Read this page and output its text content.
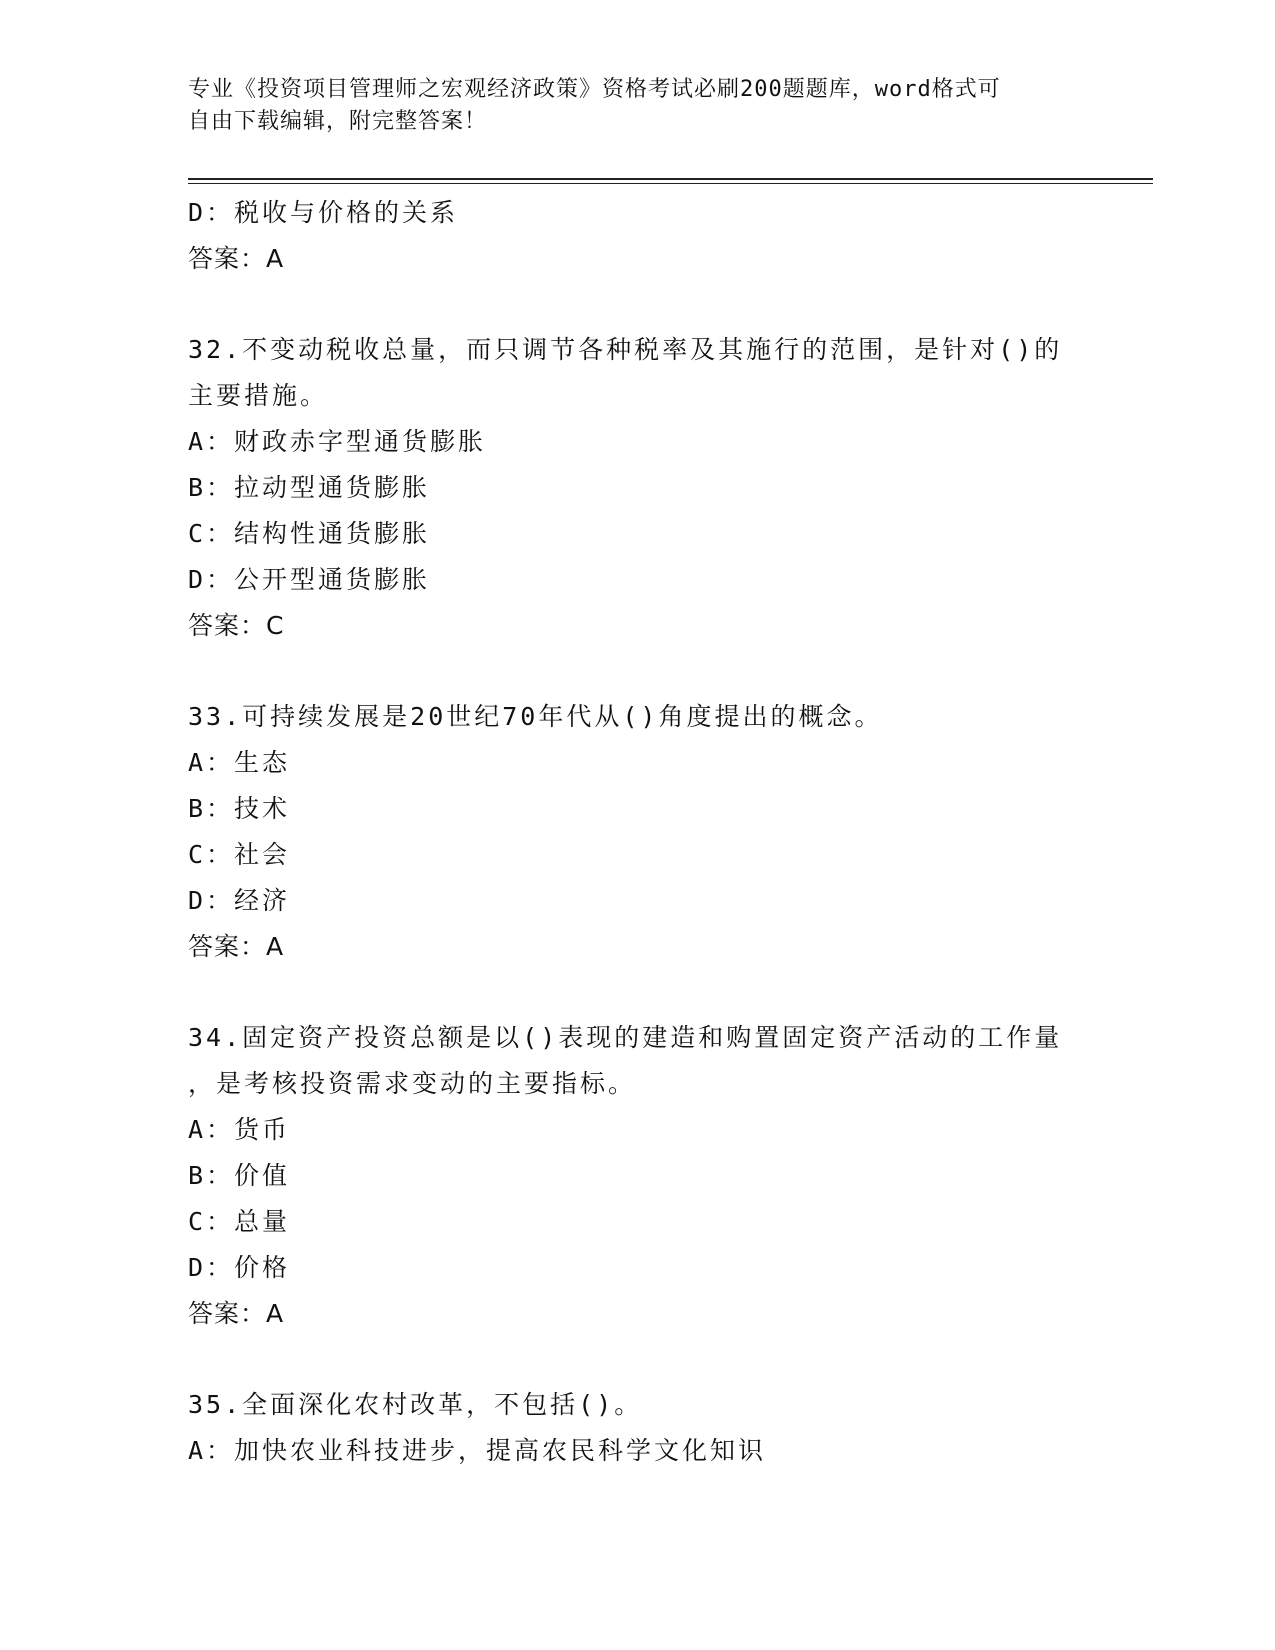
专业《投资项目管理师之宏观经济政策》资格考试必刷200题题库，word格式可
自由下载编辑，附完整答案！
D：税收与价格的关系
答案：A
32.不变动税收总量，而只调节各种税率及其施行的范围，是针对()的
主要措施。
A：财政赤字型通货膨胀
B：拉动型通货膨胀
C：结构性通货膨胀
D：公开型通货膨胀
答案：C
33.可持续发展是20世纪70年代从()角度提出的概念。
A：生态
B：技术
C：社会
D：经济
答案：A
34.固定资产投资总额是以()表现的建造和购置固定资产活动的工作量
，是考核投资需求变动的主要指标。
A：货币
B：价值
C：总量
D：价格
答案：A
35.全面深化农村改革，不包括()。
A：加快农业科技进步，提高农民科学文化知识
